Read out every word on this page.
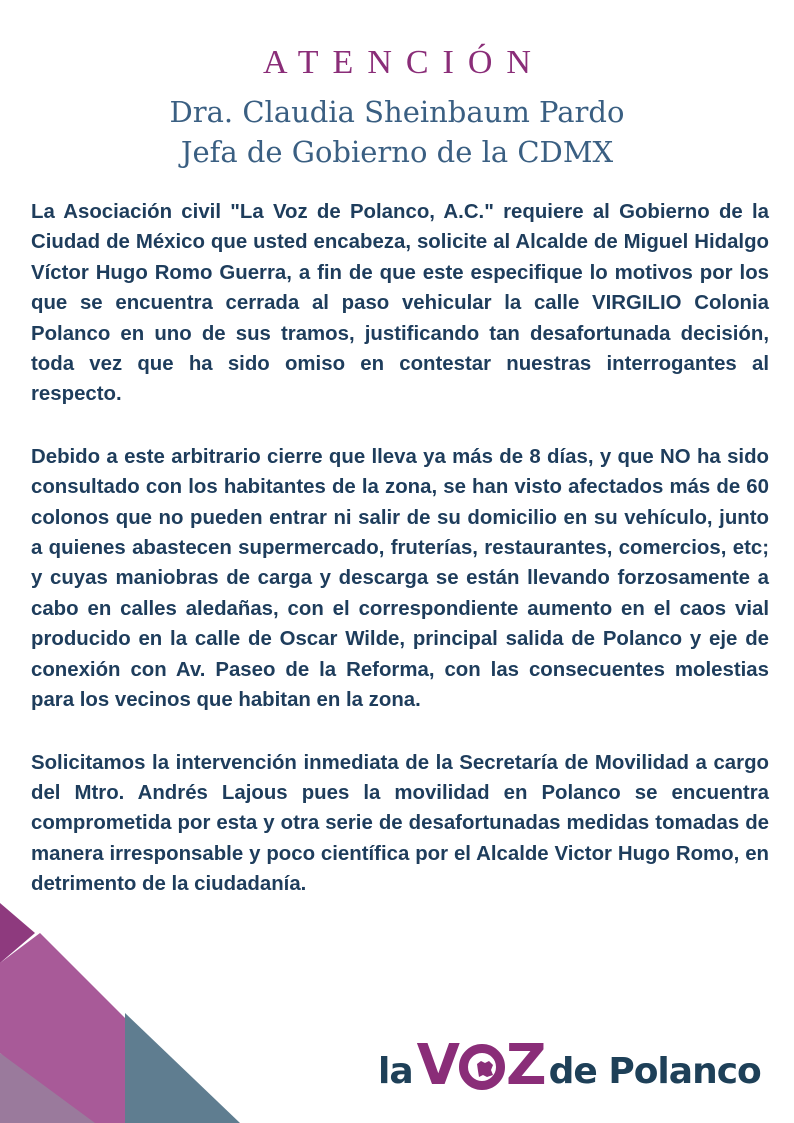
ATENCIÓN
Dra. Claudia Sheinbaum Pardo
Jefa de Gobierno de la CDMX

La Asociación civil "La Voz de Polanco, A.C." requiere al Gobierno de la Ciudad de México que usted encabeza, solicite al Alcalde de Miguel Hidalgo Víctor Hugo Romo Guerra, a fin de que este especifique lo motivos por los que se encuentra cerrada al paso vehicular la calle VIRGILIO Colonia Polanco en uno de sus tramos, justificando tan desafortunada decisión, toda vez que ha sido omiso en contestar nuestras interrogantes al respecto.

Debido a este arbitrario cierre que lleva ya más de 8 días, y que NO ha sido consultado con los habitantes de la zona, se han visto afectados más de 60 colonos que no pueden entrar ni salir de su domicilio en su vehículo, junto a quienes abastecen supermercado, fruterías, restaurantes, comercios, etc; y cuyas maniobras de carga y descarga se están llevando forzosamente a cabo en calles aledañas, con el correspondiente aumento en el caos vial producido en la calle de Oscar Wilde, principal salida de Polanco y eje de conexión con Av. Paseo de la Reforma, con las consecuentes molestias para los vecinos que habitan en la zona.

Solicitamos la intervención inmediata de la Secretaría de Movilidad a cargo del Mtro. Andrés Lajous pues la movilidad en Polanco se encuentra comprometida por esta y otra serie de desafortunadas medidas tomadas de manera irresponsable y poco científica por el Alcalde Victor Hugo Romo, en detrimento de la ciudadanía.

la V Z de Polanco
